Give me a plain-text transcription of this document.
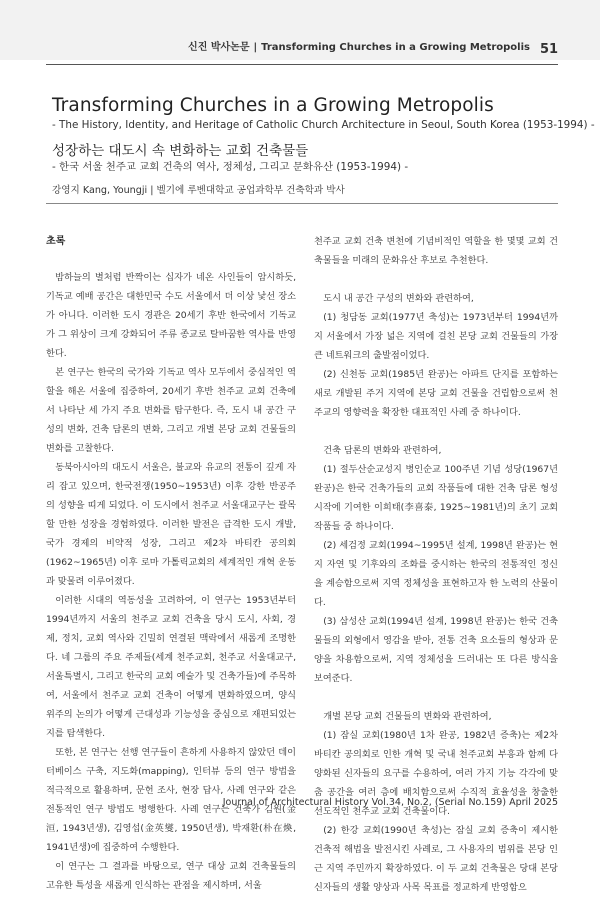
신진 박사논문 | Transforming Churches in a Growing Metropolis 51
Transforming Churches in a Growing Metropolis
- The History, Identity, and Heritage of Catholic Church Architecture in Seoul, South Korea (1953-1994) -
성장하는 대도시 속 변화하는 교회 건축물들
- 한국 서울 천주교 교회 건축의 역사, 정체성, 그리고 문화유산 (1953-1994) -
강영지 Kang, Youngji | 벨기에 루벤대학교 공업과학부 건축학과 박사
초록

밤하늘의 별처럼 반짝이는 십자가 네온 사인들이 암시하듯, 기독교 예배 공간은 대한민국 수도 서울에서 더 이상 낯선 장소가 아니다. 이러한 도시 경관은 20세기 후반 한국에서 기독교가 그 위상이 크게 강화되어 주류 종교로 탈바꿈한 역사를 반영한다.

본 연구는 한국의 국가와 기독교 역사 모두에서 중심적인 역할을 해온 서울에 집중하여, 20세기 후반 천주교 교회 건축에서 나타난 세 가지 주요 변화를 탐구한다. 즉, 도시 내 공간 구성의 변화, 건축 담론의 변화, 그리고 개별 본당 교회 건물들의 변화를 고찰한다.

동북아시아의 대도시 서울은, 불교와 유교의 전통이 깊게 자리 잡고 있으며, 한국전쟁(1950~1953년) 이후 강한 반공주의 성향을 띠게 되었다. 이 도시에서 천주교 서울대교구는 괄목할 만한 성장을 경험하였다. 이러한 발전은 급격한 도시 개발, 국가 경제의 비약적 성장, 그리고 제2차 바티칸 공의회(1962~1965년) 이후 로마 가톨릭교회의 세계적인 개혁 운동과 맞물려 이루어졌다.

이러한 시대의 역동성을 고려하여, 이 연구는 1953년부터 1994년까지 서울의 천주교 교회 건축을 당시 도시, 사회, 경제, 정치, 교회 역사와 긴밀히 연결된 맥락에서 새롭게 조명한다. 네 그룹의 주요 주제들(세계 천주교회, 천주교 서울대교구, 서울특별시, 그리고 한국의 교회 예술가 및 건축가들)에 주목하여, 서울에서 천주교 교회 건축이 어떻게 변화하였으며, 양식 위주의 논의가 어떻게 근대성과 기능성을 중심으로 재편되었는지를 탐색한다.

또한, 본 연구는 선행 연구들이 흔하게 사용하지 않았던 데이터베이스 구축, 지도화(mapping), 인터뷰 등의 연구 방법을 적극적으로 활용하며, 문헌 조사, 현장 답사, 사례 연구와 같은 전통적인 연구 방법도 병행한다. 사례 연구는 건축가 김원(金洹, 1943년생), 김영섭(金英燮, 1950년생), 박재환(朴在煥, 1941년생)에 집중하여 수행한다.

이 연구는 그 결과를 바탕으로, 연구 대상 교회 건축물들의 고유한 특성을 새롭게 인식하는 관점을 제시하며, 서울

천주교 교회 건축 변천에 기념비적인 역할을 한 몇몇 교회 건축물들을 미래의 문화유산 후보로 추천한다.

도시 내 공간 구성의 변화와 관련하여,

(1) 청담동 교회(1977년 축성)는 1973년부터 1994년까지 서울에서 가장 넓은 지역에 걸친 본당 교회 건물들의 가장 큰 네트워크의 출발점이었다.

(2) 신천동 교회(1985년 완공)는 아파트 단지를 포함하는 새로 개발된 주거 지역에 본당 교회 건물을 건립함으로써 천주교의 영향력을 확장한 대표적인 사례 중 하나이다.

건축 담론의 변화와 관련하여,

(1) 절두산순교성지 병인순교 100주년 기념 성당(1967년 완공)은 한국 건축가들의 교회 작품들에 대한 건축 담론 형성 시작에 기여한 이희태(李喜泰, 1925~1981년)의 초기 교회 작품들 중 하나이다.

(2) 세검정 교회(1994~1995년 설계, 1998년 완공)는 현지 자연 및 기후와의 조화를 중시하는 한국의 전통적인 정신을 계승함으로써 지역 정체성을 표현하고자 한 노력의 산물이다.

(3) 삼성산 교회(1994년 설계, 1998년 완공)는 한국 건축물들의 외형에서 영감을 받아, 전통 건축 요소들의 형상과 문양을 차용함으로써, 지역 정체성을 드러내는 또 다른 방식을 보여준다.

개별 본당 교회 건물들의 변화와 관련하여,

(1) 잠실 교회(1980년 1차 완공, 1982년 증축)는 제2차 바티칸 공의회로 인한 개혁 및 국내 천주교회 부흥과 함께 다양화된 신자들의 요구를 수용하여, 여러 가지 기능 각각에 맞춤 공간을 여러 층에 배치함으로써 수직적 효율성을 창출한 선도적인 천주교 교회 건축물이다.

(2) 한강 교회(1990년 축성)는 잠실 교회 증축이 제시한 건축적 해법을 발전시킨 사례로, 그 사용자의 범위를 본당 인근 지역 주민까지 확장하였다. 이 두 교회 건축물은 당대 본당 신자들의 생활 양상과 사목 목표를 정교하게 반영함으

Journal of Architectural History Vol.34, No.2, (Serial No.159) April 2025
